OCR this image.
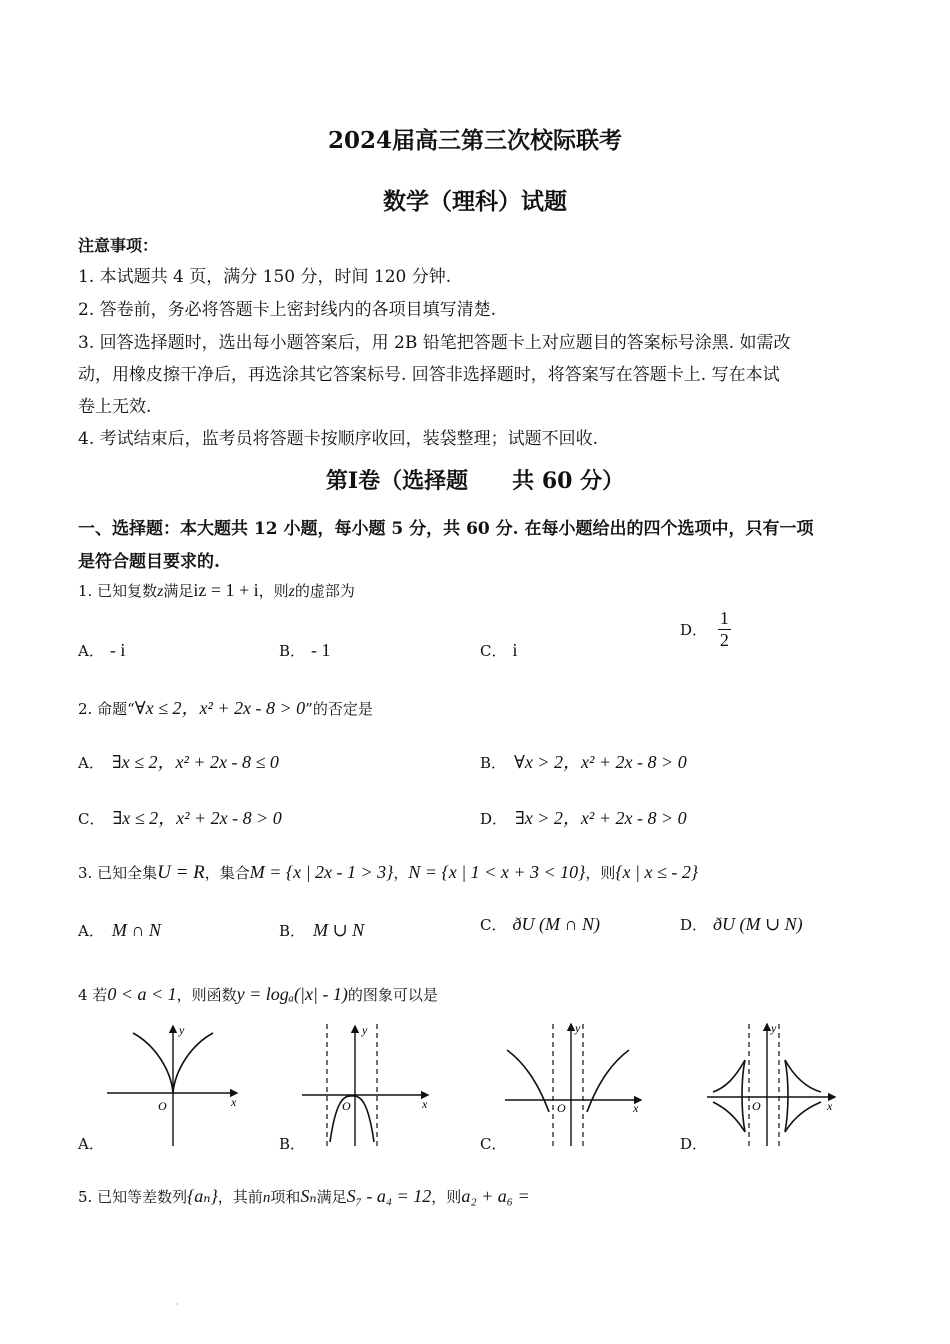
2024届高三第三次校际联考
数学（理科）试题
注意事项：
1. 本试题共 4 页，满分 150 分，时间 120 分钟.
2. 答卷前，务必将答题卡上密封线内的各项目填写清楚.
3. 回答选择题时，选出每小题答案后，用 2B 铅笔把答题卡上对应题目的答案标号涂黑. 如需改
动，用橡皮擦干净后，再选涂其它答案标号. 回答非选择题时，将答案写在答题卡上. 写在本试
卷上无效.
4. 考试结束后，监考员将答题卡按顺序收回，装袋整理；试题不回收.
第Ⅰ卷（选择题　　共 60 分）
一、选择题：本大题共 12 小题，每小题 5 分，共 60 分. 在每小题给出的四个选项中，只有一项
是符合题目要求的.
1. 已知复数z满足iz = 1 + i，则z的虚部为
A． - i	B． - 1	C． i
D． $\frac{1}{2}$
2. 命题“∀x ≤ 2，x² + 2x - 8 > 0”的否定是
A． ∃x ≤ 2，x² + 2x - 8 ≤ 0	B． ∀x > 2，x² + 2x - 8 > 0
C． ∃x ≤ 2，x² + 2x - 8 > 0	D． ∃x > 2，x² + 2x - 8 > 0
3. 已知全集U = R，集合M = {x | 2x - 1 > 3}，N = {x | 1 < x + 3 < 10}，则{x | x ≤ - 2}
A． M ∩ N	B． M ∪ N	C． ðU (M ∩ N)	D． ðU (M ∪ N)
4 若0 < a < 1，则函数y = logₐ(|x| - 1)的图象可以是
y
x
O
A．
y
x
O
B．
y
x
O
C．
y
x
O
D．
5. 已知等差数列{aₙ}，其前n项和Sₙ满足S₇ - a₄ = 12，则a₂ + a₆ =
·
